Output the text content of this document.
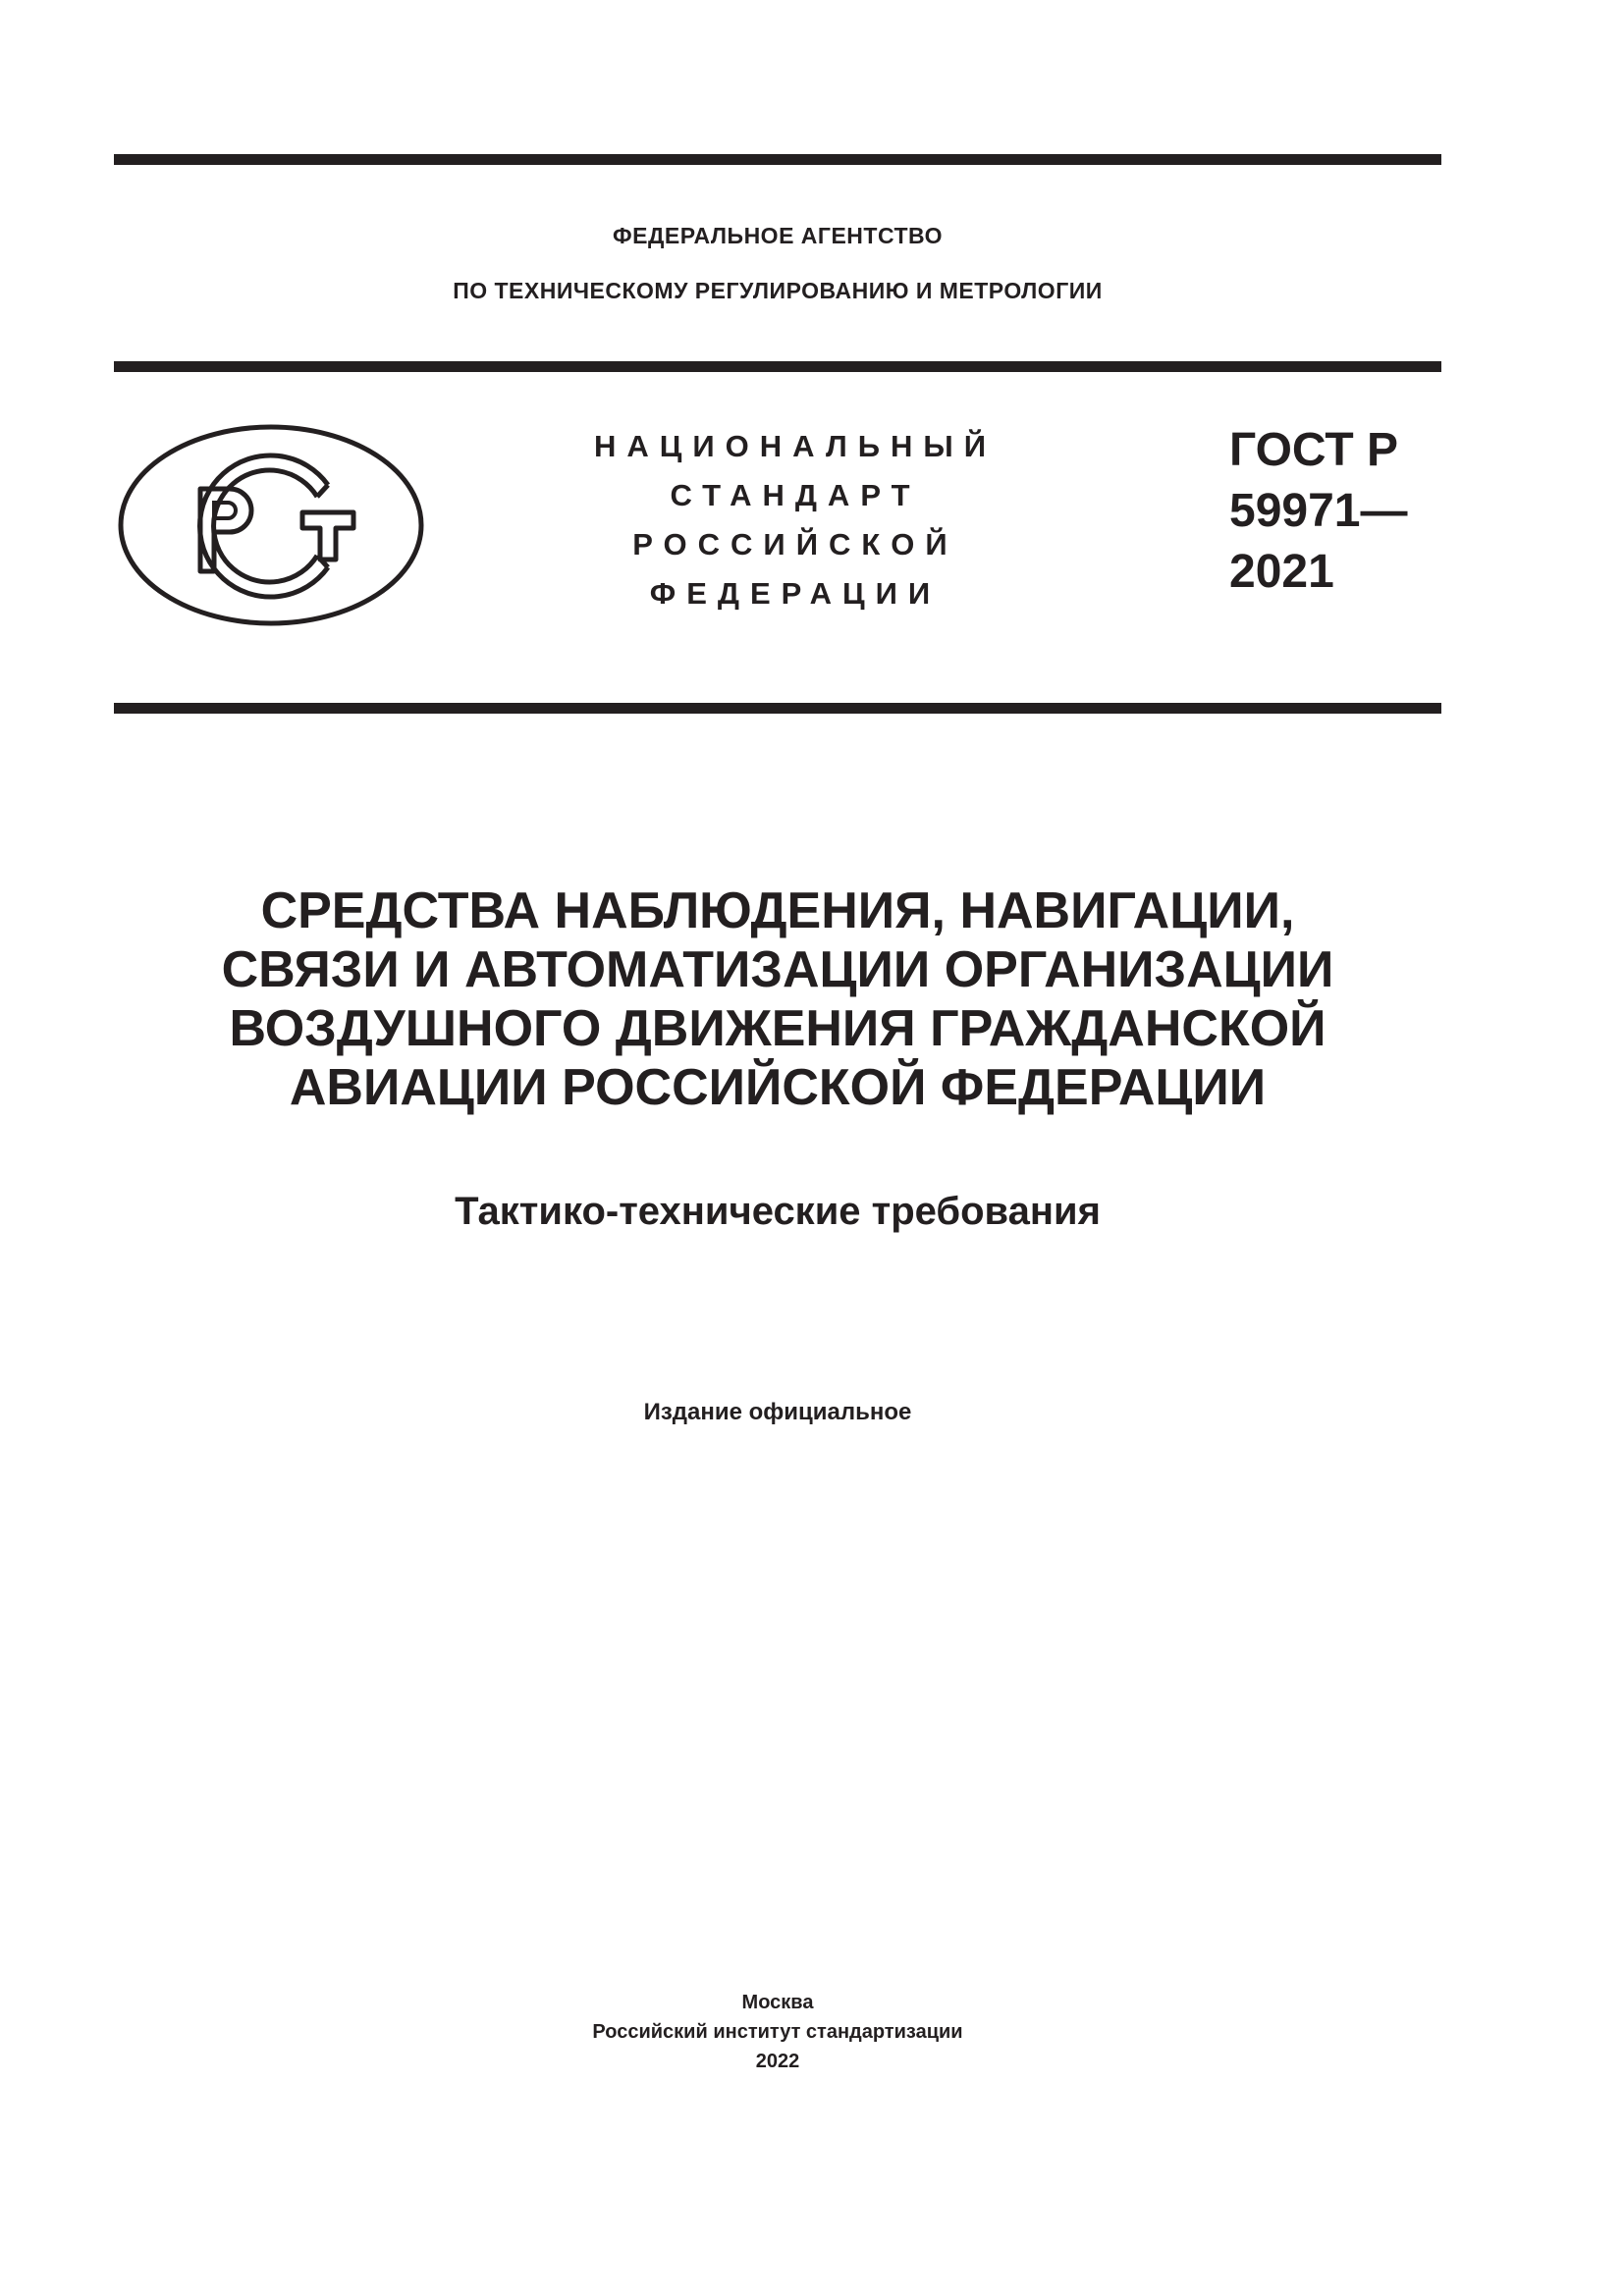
ФЕДЕРАЛЬНОЕ АГЕНТСТВО
ПО ТЕХНИЧЕСКОМУ РЕГУЛИРОВАНИЮ И МЕТРОЛОГИИ
НАЦИОНАЛЬНЫЙ
СТАНДАРТ
РОССИЙСКОЙ
ФЕДЕРАЦИИ
ГОСТ Р
59971—
2021
СРЕДСТВА НАБЛЮДЕНИЯ, НАВИГАЦИИ,
СВЯЗИ И АВТОМАТИЗАЦИИ ОРГАНИЗАЦИИ
ВОЗДУШНОГО ДВИЖЕНИЯ ГРАЖДАНСКОЙ
АВИАЦИИ РОССИЙСКОЙ ФЕДЕРАЦИИ
Тактико-технические требования
Издание официальное
Москва
Российский институт стандартизации
2022
